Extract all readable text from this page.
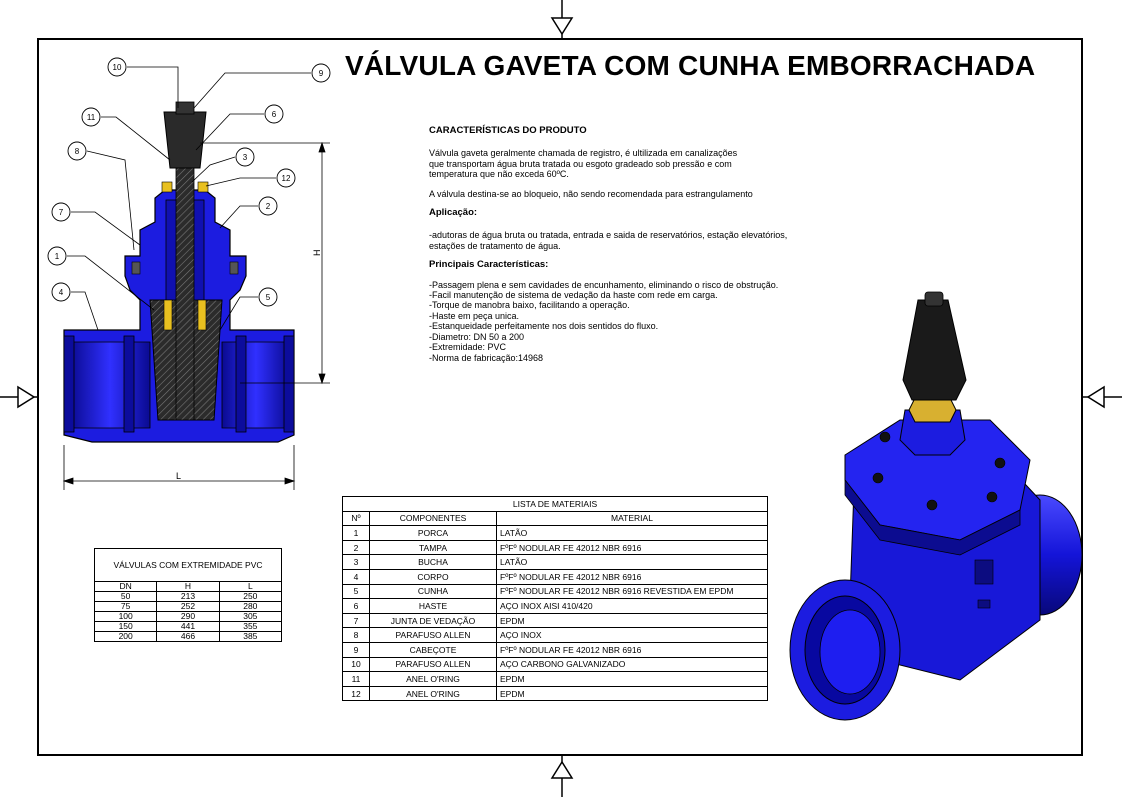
H
L
10
9
11	6
8
3
12
7
2
1
4
5
VÁLVULA GAVETA COM CUNHA EMBORRACHADA

CARACTERÍSTICAS DO PRODUTO

Válvula gaveta geralmente chamada de registro, é ultilizada em canalizações

que transportam água bruta tratada ou esgoto gradeado sob pressão e com

temperatura que não exceda 60ºC.

A válvula destina-se ao bloqueio, não sendo recomendada para estrangulamento

Aplicação:

-adutoras de água bruta ou tratada, entrada e saida de reservatórios, estação elevatórios,

estações de tratamento de água.

Principais Características:

-Passagem plena e sem cavidades de encunhamento, eliminando o risco de obstrução.

-Facil manutenção de sistema de vedação da haste com rede em carga.

-Torque de manobra baixo, facilitando a operação.

-Haste em peça unica.

-Estanqueidade perfeitamente nos dois sentidos do fluxo.

-Diametro: DN 50 a 200

-Extremidade: PVC

-Norma de fabricação:14968

LISTA DE MATERIAIS		
Nº	COMPONENTES	MATERIAL
1	PORCA	LATÃO
2	TAMPA	FºFº NODULAR FE 42012 NBR 6916
3	BUCHA	LATÃO
4	CORPO	FºFº NODULAR FE 42012 NBR 6916
5	CUNHA	FºFº NODULAR FE 42012 NBR 6916 REVESTIDA EM EPDM
6	HASTE	AÇO INOX AISI 410/420
7	JUNTA DE VEDAÇÃO	EPDM
8	PARAFUSO ALLEN	AÇO INOX
9	CABEÇOTE	FºFº NODULAR FE 42012 NBR 6916
10	PARAFUSO ALLEN	AÇO CARBONO GALVANIZADO
11	ANEL O'RING	EPDM
12	ANEL O'RING	EPDM
VÁLVULAS COM EXTREMIDADE PVC		
DN	H	L
50	213	250
75	252	280
100	290	305
150	441	355
200	466	385
